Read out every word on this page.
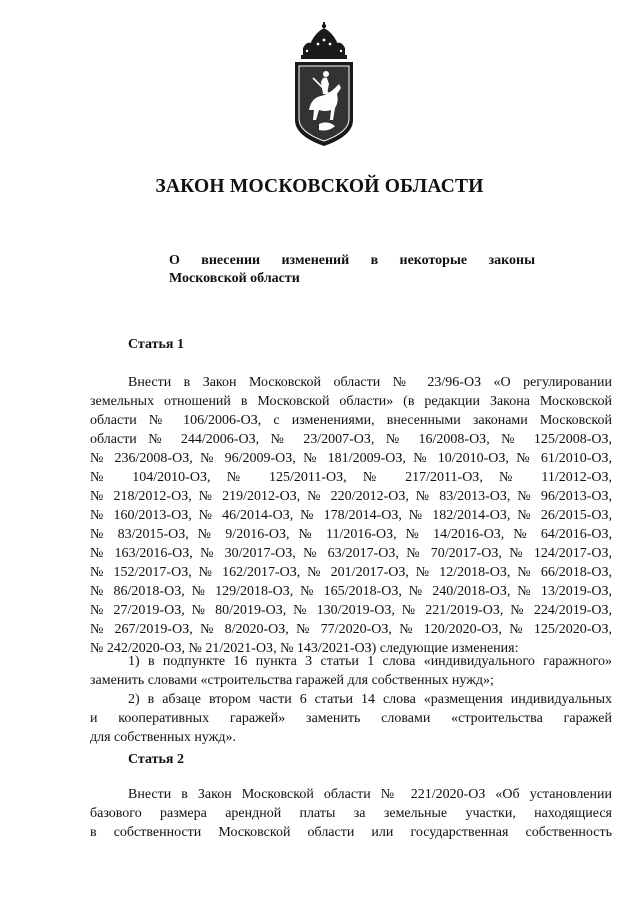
ЗАКОН МОСКОВСКОЙ ОБЛАСТИ
О внесении изменений в некоторые законы
Московской области
Статья 1
Внести в Закон Московской области № 23/96-ОЗ «О регулировании
земельных отношений в Московской области» (в редакции Закона Московской
области № 106/2006-ОЗ, с изменениями, внесенными законами Московской
области № 244/2006-ОЗ, № 23/2007-ОЗ, № 16/2008-ОЗ, № 125/2008-ОЗ,
№ 236/2008-ОЗ, № 96/2009-ОЗ, № 181/2009-ОЗ, № 10/2010-ОЗ, № 61/2010-ОЗ,
№ 104/2010-ОЗ, № 125/2011-ОЗ, № 217/2011-ОЗ, № 11/2012-ОЗ,
№ 218/2012-ОЗ, № 219/2012-ОЗ, № 220/2012-ОЗ, № 83/2013-ОЗ, № 96/2013-ОЗ,
№ 160/2013-ОЗ, № 46/2014-ОЗ, № 178/2014-ОЗ, № 182/2014-ОЗ, № 26/2015-ОЗ,
№ 83/2015-ОЗ, № 9/2016-ОЗ, № 11/2016-ОЗ, № 14/2016-ОЗ, № 64/2016-ОЗ,
№ 163/2016-ОЗ, № 30/2017-ОЗ, № 63/2017-ОЗ, № 70/2017-ОЗ, № 124/2017-ОЗ,
№ 152/2017-ОЗ, № 162/2017-ОЗ, № 201/2017-ОЗ, № 12/2018-ОЗ, № 66/2018-ОЗ,
№ 86/2018-ОЗ, № 129/2018-ОЗ, № 165/2018-ОЗ, № 240/2018-ОЗ, № 13/2019-ОЗ,
№ 27/2019-ОЗ, № 80/2019-ОЗ, № 130/2019-ОЗ, № 221/2019-ОЗ, № 224/2019-ОЗ,
№ 267/2019-ОЗ, № 8/2020-ОЗ, № 77/2020-ОЗ, № 120/2020-ОЗ, № 125/2020-ОЗ,
№ 242/2020-ОЗ, № 21/2021-ОЗ, № 143/2021-ОЗ) следующие изменения:
1) в подпункте 16 пункта 3 статьи 1 слова «индивидуального гаражного»
заменить словами «строительства гаражей для собственных нужд»;
2) в абзаце втором части 6 статьи 14 слова «размещения индивидуальных
и кооперативных гаражей» заменить словами «строительства гаражей
для собственных нужд».
Статья 2
Внести в Закон Московской области № 221/2020-ОЗ «Об установлении
базового размера арендной платы за земельные участки, находящиеся
в собственности Московской области или государственная собственность
